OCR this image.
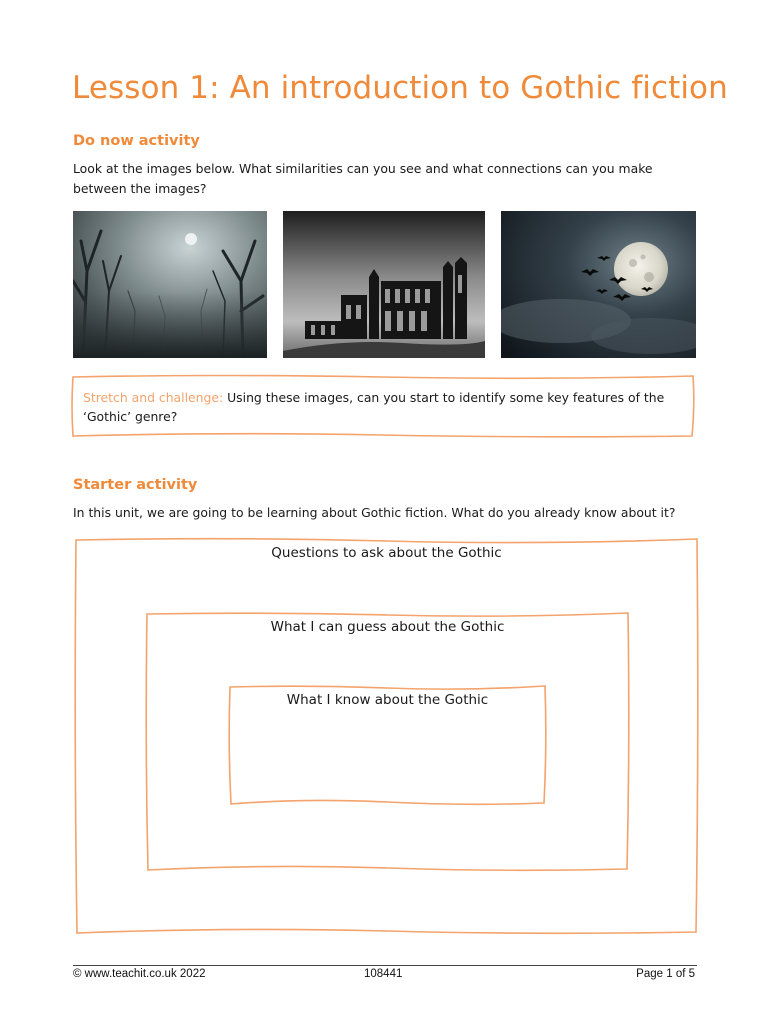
Lesson 1: An introduction to Gothic fiction
Do now activity

Look at the images below. What similarities can you see and what connections can you make between the images?

Stretch and challenge: Using these images, can you start to identify some key features of the ‘Gothic’ genre?

Starter activity

In this unit, we are going to be learning about Gothic fiction. What do you already know about it?

Questions to ask about the Gothic
What I can guess about the Gothic
What I know about the Gothic
© www.teachit.co.uk 2022	108441	Page 1 of 5
